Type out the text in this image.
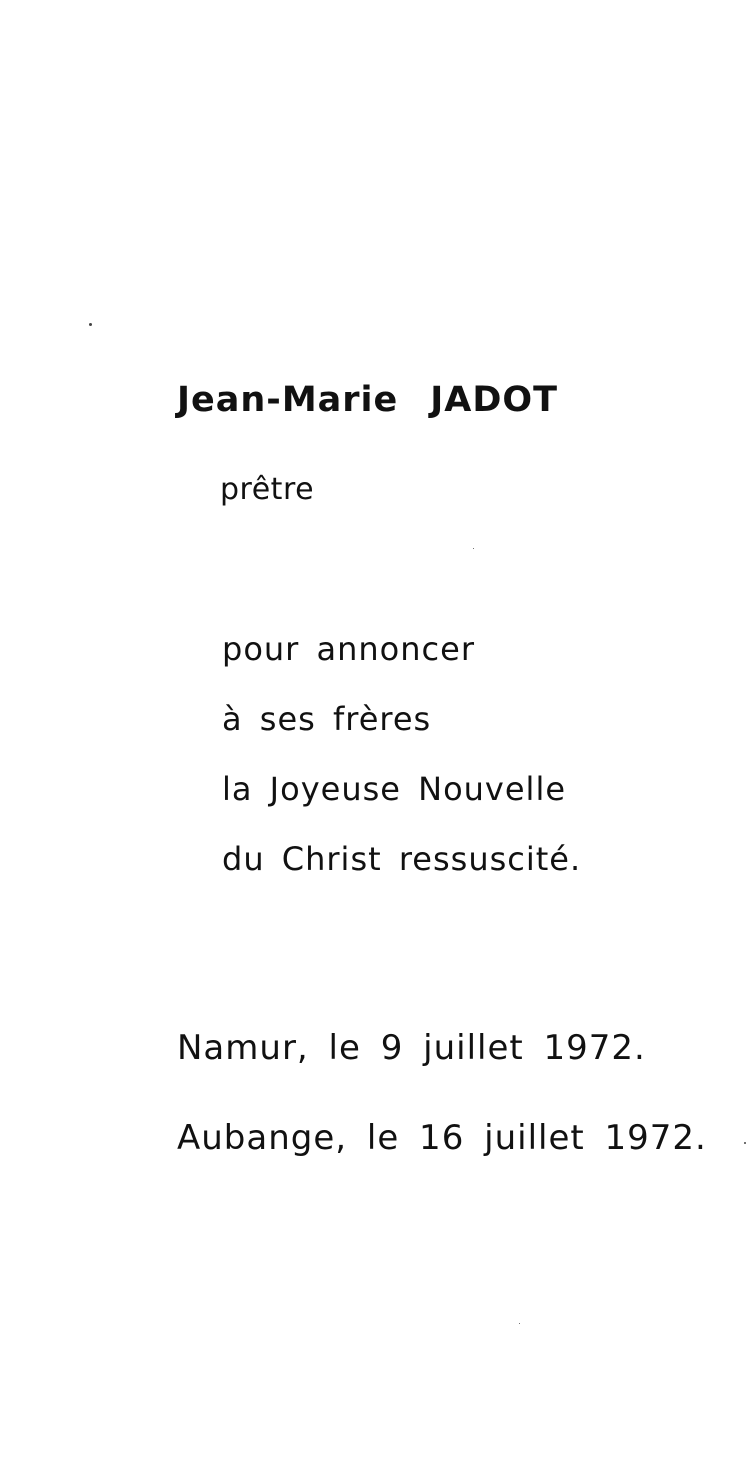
Jean-Marie JADOT

prêtre

pour annoncer

à ses frères

la Joyeuse Nouvelle

du Christ ressuscité.

Namur, le 9 juillet 1972.

Aubange, le 16 juillet 1972.
